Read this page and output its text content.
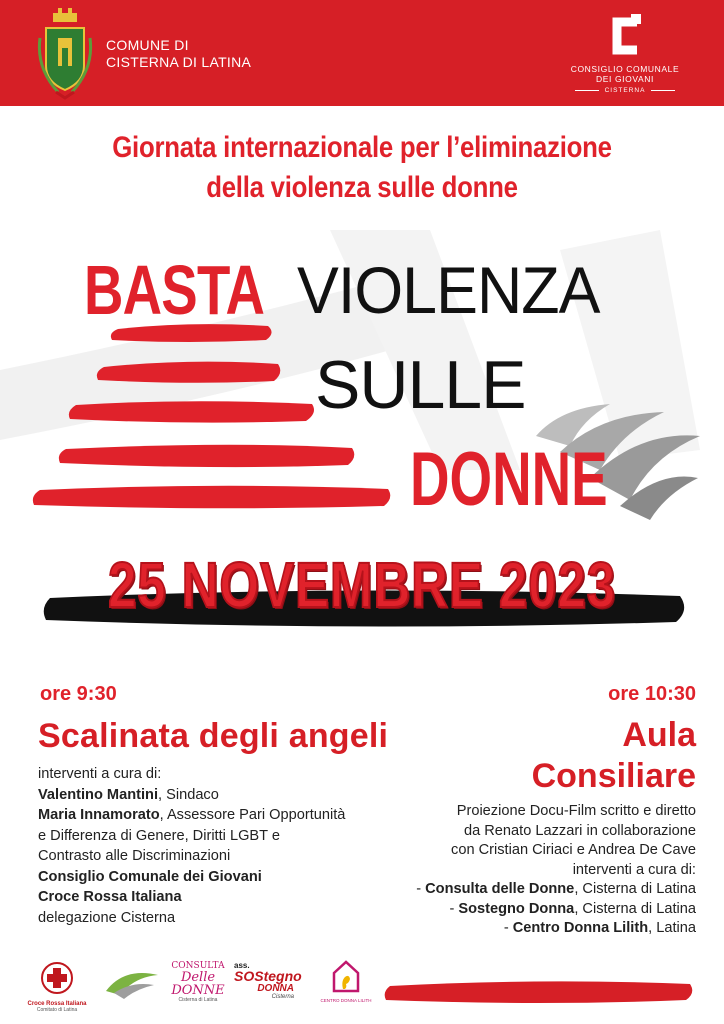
COMUNE DI
CISTERNA DI LATINA	CONSIGLIO COMUNALE
DEI GIOVANI
CISTERNA
Giornata internazionale per l’eliminazione
della violenza sulle donne
BASTA VIOLENZA
SULLE
DONNE
25 NOVEMBRE 2023
ore 9:30
Scalinata degli angeli
interventi a cura di:
Valentino Mantini, Sindaco
Maria Innamorato, Assessore Pari Opportunità
e Differenza di Genere, Diritti LGBT e
Contrasto alle Discriminazioni
Consiglio Comunale dei Giovani
Croce Rossa Italiana
delegazione Cisterna
ore 10:30
Aula
Consiliare
Proiezione Docu-Film scritto e diretto
da Renato Lazzari in collaborazione
con Cristian Ciriaci e Andrea De Cave
interventi a cura di:
- Consulta delle Donne, Cisterna di Latina
- Sostegno Donna, Cisterna di Latina
- Centro Donna Lilith, Latina
Croce Rossa Italiana
Comitato di Latina
CONSULTA
Delle DONNE
Cisterna di Latina
ass.
SOStegno
DONNA
Cisterna
CENTRO DONNA LILITH
